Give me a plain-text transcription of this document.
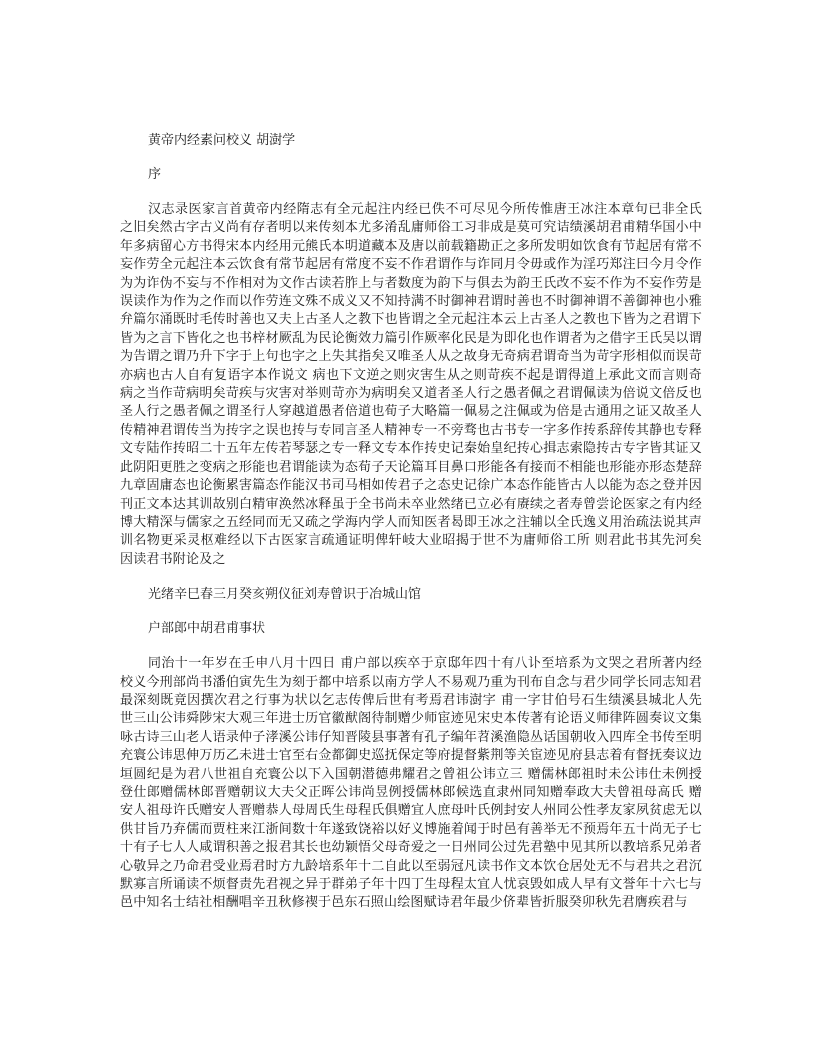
黄帝内经素问校义 胡澍学
序
汉志录医家言首黄帝内经隋志有全元起注内经已佚不可尽见今所传惟唐王冰注本章句已非全氏之旧矣然古字古义尚有存者明以来传刻本尤多淆乱庸师俗工习非成是莫可究诘绩溪胡君甫精华国小中年多病留心方书得宋本内经用元熊氏本明道藏本及唐以前载籍勘正之多所发明如饮食有节起居有常不妄作劳全元起注本云饮食有常节起居有常度不妄不作君谓作与诈同月令毋或作为淫巧郑注曰今月令作为为诈伪不妄与不作相对为文作古读若胙上与者数度为韵下与俱去为韵王氏改不妄不作为不妄作劳是误读作为作为之作而以作劳连文殊不成义又不知持满不时御神君谓时善也不时御神谓不善御神也小雅 弁篇尔涌既时毛传时善也又夫上古圣人之教下也皆谓之全元起注本云上古圣人之教也下皆为之君谓下皆为之言下皆化之也书梓材厥乱为民论衡效力篇引作厥率化民是为即化也作谓者为之借字王氏吴以谓为告谓之谓乃升下字于上句也字之上失其指矣又唯圣人从之故身无奇病君谓奇当为苛字形相似而误苛亦病也古人自有复语字本作说文 病也下文逆之则灾害生从之则苛疾不起是谓得道上承此文而言则奇病之当作苛病明矣苛疾与灾害对举则苛亦为病明矣又道者圣人行之愚者佩之君谓佩读为倍说文倍反也圣人行之愚者佩之谓圣行人穿越道愚者倍道也荀子大略篇一佩易之注佩或为倍是古通用之证又故圣人传精神君谓传当为抟字之误也抟与专同言圣人精神专一不旁骛也古书专一字多作抟系辞传其静也专释文专陆作抟昭二十五年左传若琴瑟之专一释文专本作抟史记秦始皇纪抟心揖志索隐抟古专字皆其证又此阴阳更胜之变病之形能也君谓能读为态荀子天论篇耳目鼻口形能各有接而不相能也形能亦形态楚辞九章固庸态也论衡累害篇态作能汉书司马相如传君子之态史记徐广本态作能皆古人以能为态之登并因刊正文本达其训故别白精审涣然冰释虽于全书尚未卒业然绪已立必有赓续之者寿曾尝论医家之有内经博大精深与儒家之五经同而无又疏之学海内学人而知医者曷即王冰之注辅以全氏逸义用治疏法说其声训名物更采灵枢难经以下古医家言疏通证明俾轩岐大业昭揭于世不为庸师俗工所 则君此书其先河矣因读君书附论及之
光绪辛巳春三月癸亥朔仪征刘寿曾识于冶城山馆
户部郎中胡君甫事状
同治十一年岁在壬申八月十四日 甫户部以疾卒于京邸年四十有八讣至培系为文哭之君所著内经校义今刑部尚书潘伯寅先生为刻于都中培系以南方学人不易观乃重为刊布自念与君少同学长同志知君最深刻既竟因撰次君之行事为状以乞志传俾后世有考焉君讳澍字 甫一字甘伯号石生绩溪县城北人先世三山公讳舜陟宋大观三年进士历官徽猷阁待制赠少师宦迹见宋史本传著有论语义师律阵圆奏议文集咏古诗三山老人语录仲子涍溪公讳仔知晋陵县事著有孔子编年苕溪渔隐丛话国朝收入四库全书传至明充寰公讳思伸万历乙未进士官至右佥都御史巡抚保定等府提督紫荆等关宦迹见府县志着有督抚奏议边垣圆纪是为君八世祖自充寰公以下入国朝潜德弗耀君之曾祖公讳立三 赠儒林郎祖时未公讳仕未例授登仕郎赠儒林郎晋赠朝议大夫父正晖公讳尚昱例授儒林郎候选直隶州同知赠奉政大夫曾祖母高氏 赠安人祖母许氏赠安人晋赠恭人母周氏生母程氏俱赠宜人庶母叶氏例封安人州同公性孝友家夙贫虑无以供甘旨乃弃儒而贾柱来江浙间数十年遂致饶裕以好义博施着闻于时邑有善举无不预焉年五十尚无子七十有子七人人咸谓积善之报君其长也幼颖悟父母奇爱之一日州同公过先君塾中见其所以教培系兄弟者心敬异之乃命君受业焉君时方九龄培系年十二自此以至弱冠凡读书作文本饮仓居处无不与君共之君沉默寡言所诵读不烦督责先君视之异于群弟子年十四丁生母程太宜人忧哀毁如成人早有文誉年十六七与邑中知名士结社相酬唱辛丑秋修禊于邑东石照山绘图赋诗君年最少侪辈皆折服癸卯秋先君膺疾君与
